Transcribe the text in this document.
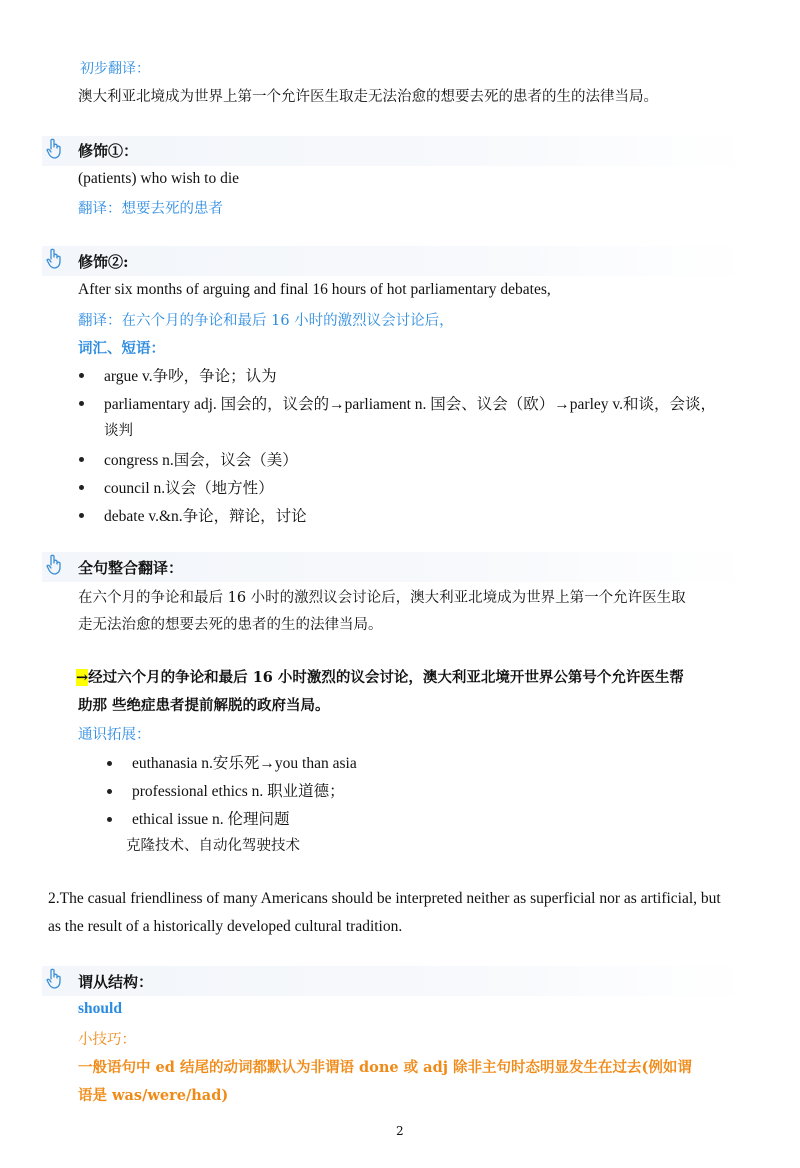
初步翻译：
澳大利亚北境成为世界上第一个允许医生取走无法治愈的想要去死的患者的生的法律当局。
修饰①：
(patients) who wish to die
翻译：想要去死的患者
修饰②:
After six months of arguing and final 16 hours of hot parliamentary debates,
翻译：在六个月的争论和最后 16 小时的激烈议会讨论后，
词汇、短语：
argue v.争吵，争论；认为
parliamentary adj. 国会的，议会的→parliament n. 国会、议会（欧）→parley v.和谈，会谈，
谈判
congress n.国会，议会（美）
council n.议会（地方性）
debate v.&n.争论，辩论，讨论
全句整合翻译：
在六个月的争论和最后 16 小时的激烈议会讨论后，澳大利亚北境成为世界上第一个允许医生取
走无法治愈的想要去死的患者的生的法律当局。
→经过六个月的争论和最后 16 小时激烈的议会讨论，澳大利亚北境开世界公第号个允许医生帮
助那 些绝症患者提前解脱的政府当局。
通识拓展：
euthanasia n.安乐死→you than asia
professional ethics n. 职业道德；
ethical issue n. 伦理问题
克隆技术、自动化驾驶技术
2.The casual friendliness of many Americans should be interpreted neither as superficial nor as artificial, but
as the result of a historically developed cultural tradition.
谓从结构：
should
小技巧：
一般语句中 ed 结尾的动词都默认为非谓语 done 或 adj 除非主句时态明显发生在过去(例如谓
语是 was/were/had)
2
